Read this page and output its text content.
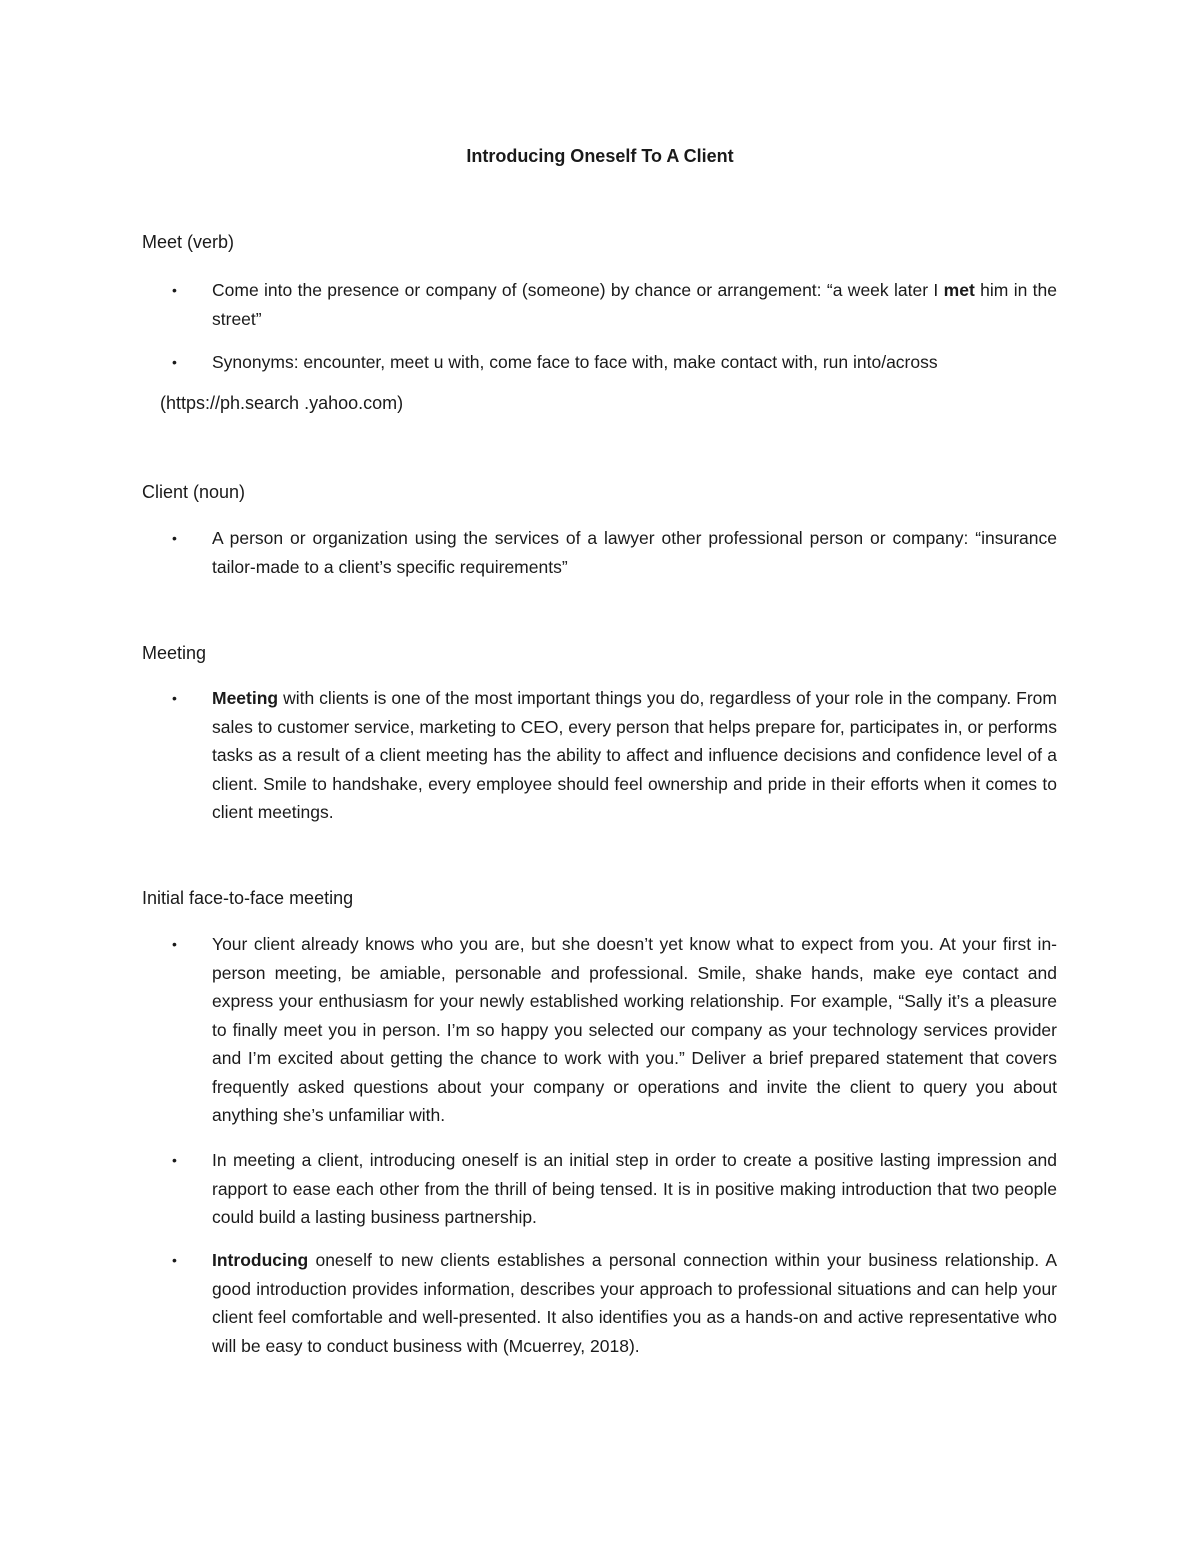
Introducing Oneself To A Client
Meet (verb)
•	Come into the presence or company of (someone) by chance or arrangement: “a week later I met him in the street”
•	Synonyms: encounter, meet u with, come face to face with, make contact with, run into/across
(https://ph.search .yahoo.com)
Client (noun)
•	A person or organization using the services of a lawyer other professional person or company: “insurance tailor-made to a client’s specific requirements”
Meeting
•	Meeting with clients is one of the most important things you do, regardless of your role in the company. From sales to customer service, marketing to CEO, every person that helps prepare for, participates in, or performs tasks as a result of a client meeting has the ability to affect and influence decisions and confidence level of a client. Smile to handshake, every employee should feel ownership and pride in their efforts when it comes to client meetings.
Initial face-to-face meeting
•	Your client already knows who you are, but she doesn’t yet know what to expect from you. At your first in-person meeting, be amiable, personable and professional. Smile, shake hands, make eye contact and express your enthusiasm for your newly established working relationship. For example, “Sally it’s a pleasure to finally meet you in person. I’m so happy you selected our company as your technology services provider and I’m excited about getting the chance to work with you.” Deliver a brief prepared statement that covers frequently asked questions about your company or operations and invite the client to query you about anything she’s unfamiliar with.
•	In meeting a client, introducing oneself is an initial step in order to create a positive lasting impression and rapport to ease each other from the thrill of being tensed. It is in positive making introduction that two people could build a lasting business partnership.
•	Introducing oneself to new clients establishes a personal connection within your business relationship. A good introduction provides information, describes your approach to professional situations and can help your client feel comfortable and well-presented. It also identifies you as a hands-on and active representative who will be easy to conduct business with (Mcuerrey, 2018).
